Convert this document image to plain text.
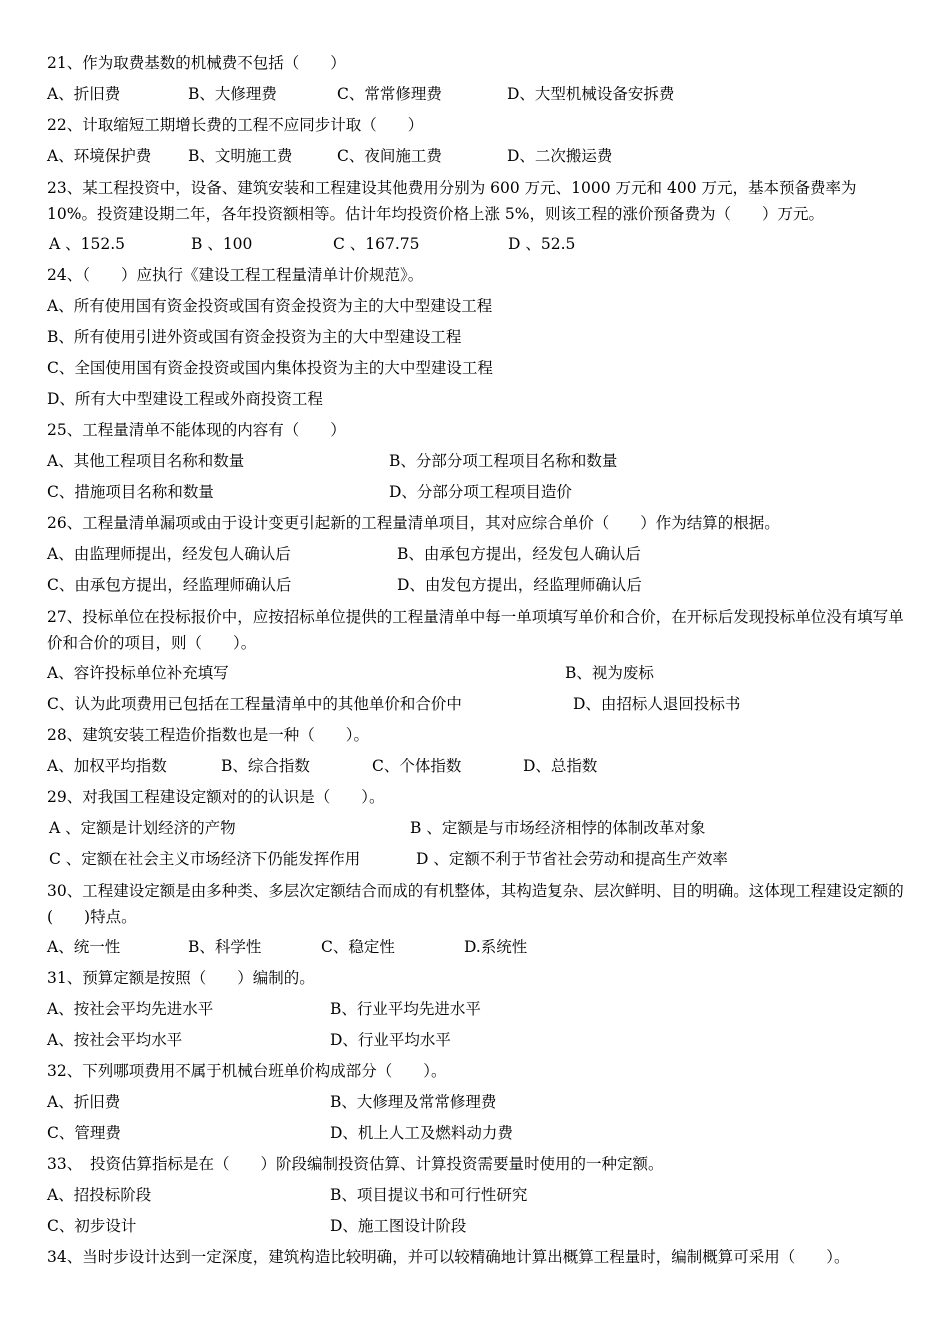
21、作为取费基数的机械费不包括（　　）
A、折旧费	B、大修理费	C、常常修理费	D、大型机械设备安拆费
22、计取缩短工期增长费的工程不应同步计取（　　）
A、环境保护费 B、文明施工费	C、夜间施工费	D、二次搬运费
23、某工程投资中，设备、建筑安装和工程建设其他费用分别为 600 万元、1000 万元和 400 万元，基本预备费率为 10%。投资建设期二年，各年投资额相等。估计年均投资价格上涨 5%，则该工程的涨价预备费为（　　）万元。
A 、152.5	B 、100	C 、167.75	D 、52.5
24、（　　）应执行《建设工程工程量清单计价规范》。
A、所有使用国有资金投资或国有资金投资为主的大中型建设工程
B、所有使用引进外资或国有资金投资为主的大中型建设工程
C、全国使用国有资金投资或国内集体投资为主的大中型建设工程
D、所有大中型建设工程或外商投资工程
25、工程量清单不能体现的内容有（　　）
A、其他工程项目名称和数量	B、分部分项工程项目名称和数量
C、措施项目名称和数量	D、分部分项工程项目造价
26、工程量清单漏项或由于设计变更引起新的工程量清单项目，其对应综合单价（　　）作为结算的根据。
A、由监理师提出，经发包人确认后	B、由承包方提出，经发包人确认后
C、由承包方提出，经监理师确认后	D、由发包方提出，经监理师确认后
27、投标单位在投标报价中，应按招标单位提供的工程量清单中每一单项填写单价和合价，在开标后发现投标单位没有填写单价和合价的项目，则（　　）。
A、容许投标单位补充填写	B、视为废标
C、认为此项费用已包括在工程量清单中的其他单价和合价中	D、由招标人退回投标书
28、建筑安装工程造价指数也是一种（　　）。
A、加权平均指数	B、综合指数	C、个体指数	D、总指数
29、对我国工程建设定额对的的认识是（　　）。
A 、定额是计划经济的产物	B 、定额是与市场经济相悖的体制改革对象
C 、定额在社会主义市场经济下仍能发挥作用	D 、定额不利于节省社会劳动和提高生产效率
30、工程建设定额是由多种类、多层次定额结合而成的有机整体，其构造复杂、层次鲜明、目的明确。这体现工程建设定额的(　　)特点。
A、统一性	B、科学性	C、稳定性	D.系统性
31、预算定额是按照（　　）编制的。
A、按社会平均先进水平	B、行业平均先进水平
A、按社会平均水平	D、行业平均水平
32、下列哪项费用不属于机械台班单价构成部分（　　）。
A、折旧费	B、大修理及常常修理费
C、管理费	D、机上人工及燃料动力费
33、　投资估算指标是在（　　）阶段编制投资估算、计算投资需要量时使用的一种定额。
A、招投标阶段	B、项目提议书和可行性研究
C、初步设计	D、施工图设计阶段
34、当时步设计达到一定深度，建筑构造比较明确，并可以较精确地计算出概算工程量时，编制概算可采用（　　）。
